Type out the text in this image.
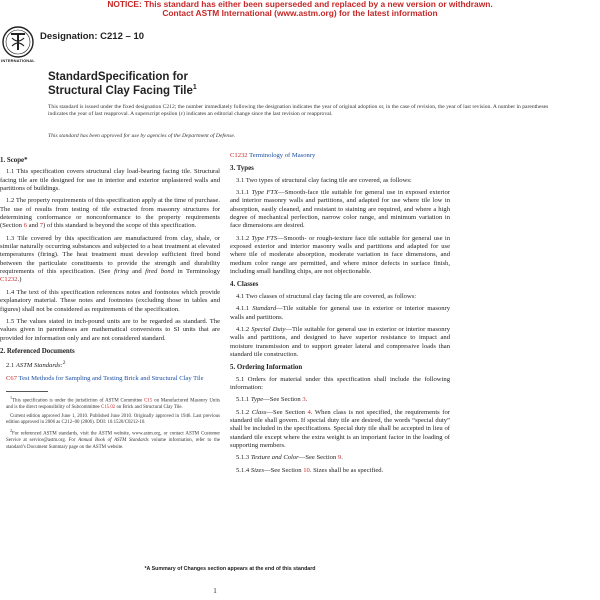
NOTICE: This standard has either been superseded and replaced by a new version or withdrawn.
Contact ASTM International (www.astm.org) for the latest information
INTERNATIONAL
Designation: C212 – 10
StandardSpecification for
Structural Clay Facing Tile$^1$
This standard is issued under the fixed designation C212; the number immediately following the designation indicates the year of original adoption or, in the case of revision, the year of last revision. A number in parentheses indicates the year of last reapproval. A superscript epsilon (ε) indicates an editorial change since the last revision or reapproval.
This standard has been approved for use by agencies of the Department of Defense.
1. Scope*

1.1 This specification covers structural clay load-bearing facing tile. Structural facing tile are tile designed for use in interior and exterior unplastered walls and partitions of buildings.

1.2 The property requirements of this specification apply at the time of purchase. The use of results from testing of tile extracted from masonry structures for determining conformance or nonconformance to the property requirements (Section 6 and 7) of this standard is beyond the scope of this specification.

1.3 Tile covered by this specification are manufactured from clay, shale, or similar naturally occurring substances and subjected to a heat treatment at elevated temperatures (firing). The heat treatment must develop sufficient fired bond between the particulate constituents to provide the strength and durability requirements of this specification. (See firing and fired bond in Terminology C1232.)

1.4 The text of this specification references notes and footnotes which provide explanatory material. These notes and footnotes (excluding those in tables and figures) shall not be considered as requirements of the specification.

1.5 The values stated in inch-pound units are to be regarded as standard. The values given in parentheses are mathematical conversions to SI units that are provided for information only and are not considered standard.

2. Referenced Documents

2.1 ASTM Standards:$^2$

C67 Test Methods for Sampling and Testing Brick and Structural Clay Tile

$^1$This specification is under the jurisdiction of ASTM Committee C15 on Manufactured Masonry Units and is the direct responsibility of Subcommittee C15.02 on Brick and Structural Clay Tile.

Current edition approved June 1, 2010. Published June 2010. Originally approved in 1946. Last previous edition approved in 2006 as C212–00 (2006). DOI: 10.1520/C0212-10.

$^2$For referenced ASTM standards, visit the ASTM website, www.astm.org, or contact ASTM Customer Service at service@astm.org. For Annual Book of ASTM Standards volume information, refer to the standard’s Document Summary page on the ASTM website.

C1232 Terminology of Masonry
3. Types

3.1 Two types of structural clay facing tile are covered, as follows:

3.1.1 Type FTX—Smooth-face tile suitable for general use in exposed exterior and interior masonry walls and partitions, and adapted for use where tile low in absorption, easily cleaned, and resistant to staining are required, and where a high degree of mechanical perfection, narrow color range, and minimum variation in face dimensions are desired.

3.1.2 Type FTS—Smooth- or rough-texture face tile suitable for general use in exposed exterior and interior masonry walls and partitions and adapted for use where tile of moderate absorption, moderate variation in face dimensions, and medium color range are permitted, and where minor defects in surface finish, including small handling chips, are not objectionable.

4. Classes

4.1 Two classes of structural clay facing tile are covered, as follows:

4.1.1 Standard—Tile suitable for general use in exterior or interior masonry walls and partitions.

4.1.2 Special Duty—Tile suitable for general use in exterior or interior masonry walls and partitions, and designed to have superior resistance to impact and moisture transmission and to support greater lateral and compressive loads than standard tile construction.

5. Ordering Information

5.1 Orders for material under this specification shall include the following information:

5.1.1 Type—See Section 3.

5.1.2 Class—See Section 4. When class is not specified, the requirements for standard tile shall govern. If special duty tile are desired, the words “special duty” shall be included in the specifications. Special duty tile shall be accepted in lieu of standard tile except where the extra weight is an important factor in the loading of supporting members.

5.1.3 Texture and Color—See Section 9.

5.1.4 Sizes—See Section 10. Sizes shall be as specified.

*A Summary of Changes section appears at the end of this standard
1
